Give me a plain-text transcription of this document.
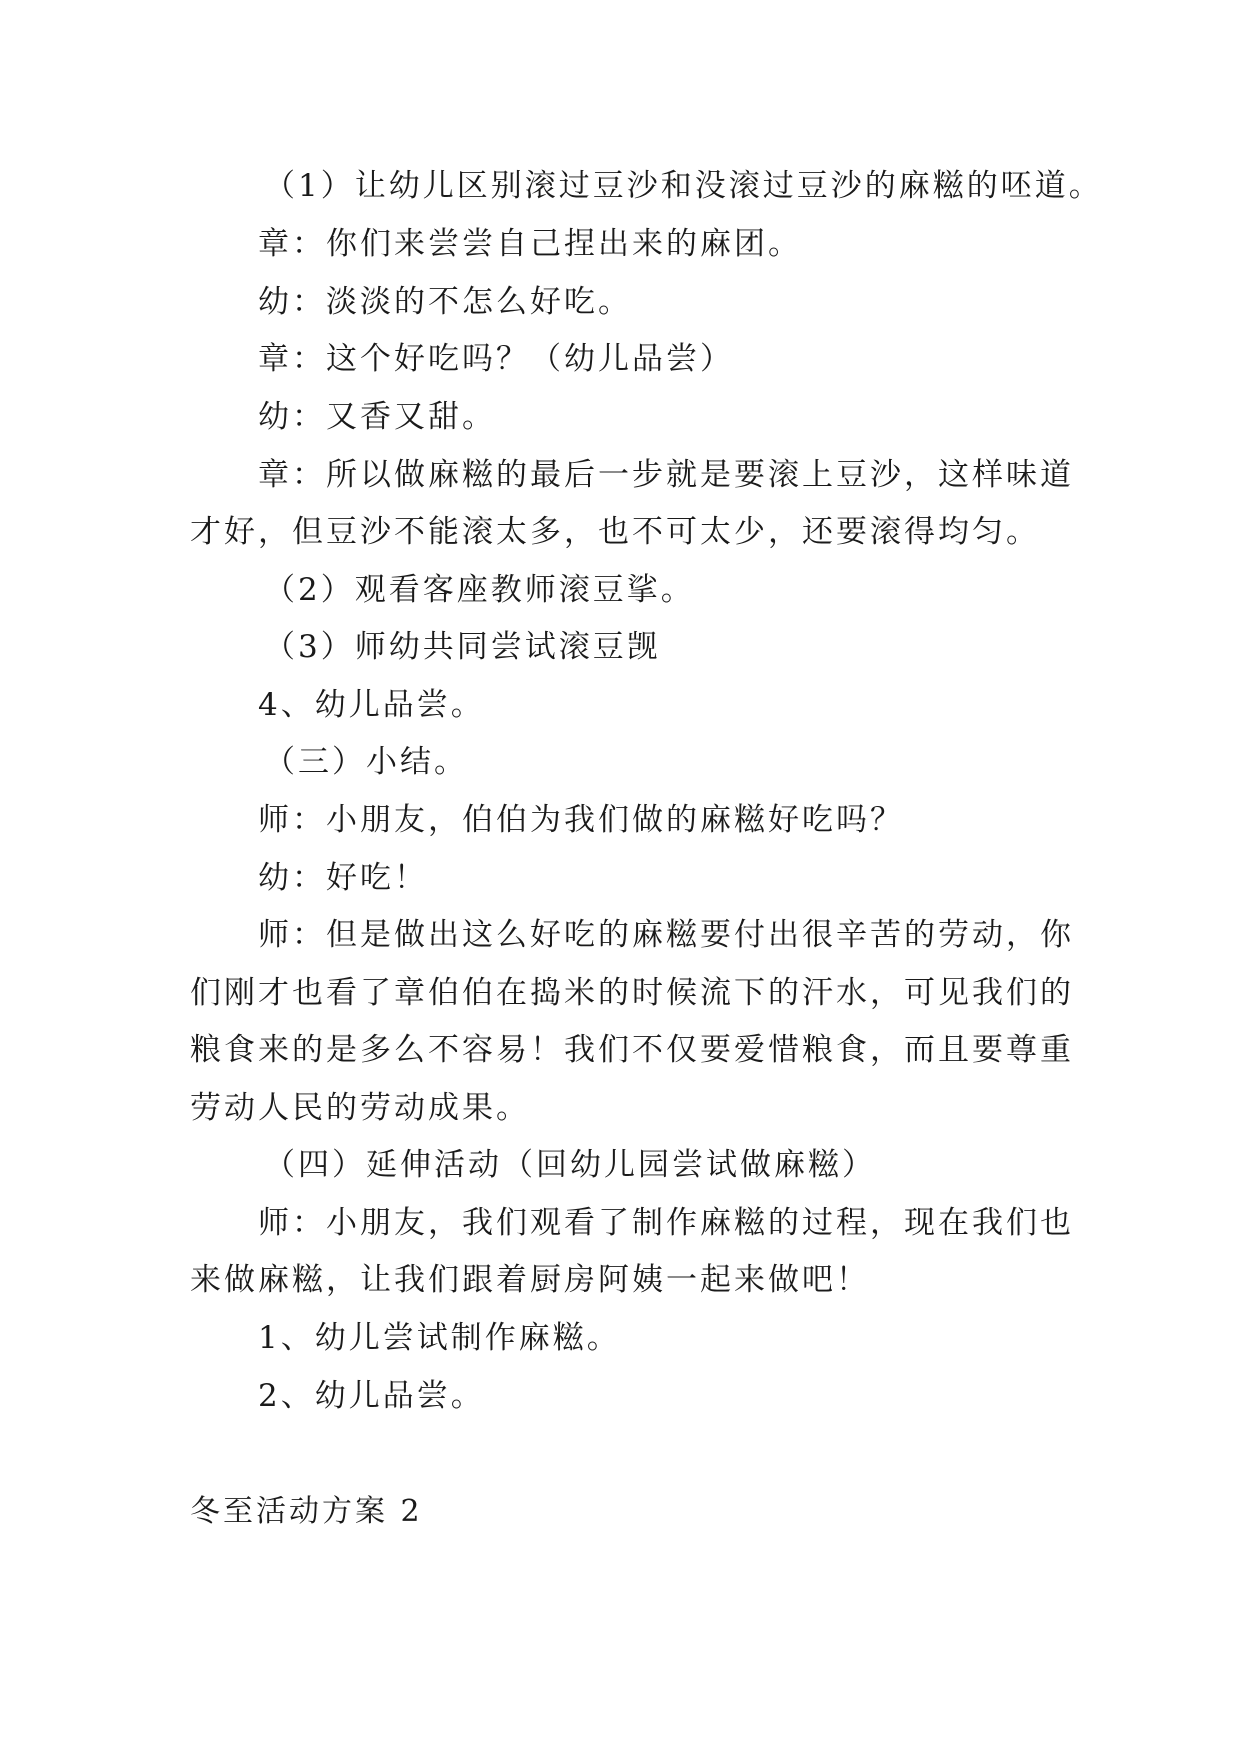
（1）让幼儿区别滚过豆沙和没滚过豆沙的麻糍的呸道。
章：你们来尝尝自己捏出来的麻团。
幼：淡淡的不怎么好吃。
章：这个好吃吗？（幼儿品尝）
幼：又香又甜。
章：所以做麻糍的最后一步就是要滚上豆沙，这样味道
才好，但豆沙不能滚太多，也不可太少，还要滚得均匀。
（2）观看客座教师滚豆挲。
（3）师幼共同尝试滚豆觊
4、幼儿品尝。
（三）小结。
师：小朋友，伯伯为我们做的麻糍好吃吗？
幼：好吃！
师：但是做出这么好吃的麻糍要付出很辛苦的劳动，你
们刚才也看了章伯伯在捣米的时候流下的汗水，可见我们的
粮食来的是多么不容易！我们不仅要爱惜粮食，而且要尊重
劳动人民的劳动成果。
（四）延伸活动（回幼儿园尝试做麻糍）
师：小朋友，我们观看了制作麻糍的过程，现在我们也
来做麻糍，让我们跟着厨房阿姨一起来做吧！
1、幼儿尝试制作麻糍。
2、幼儿品尝。
冬至活动方案 2
